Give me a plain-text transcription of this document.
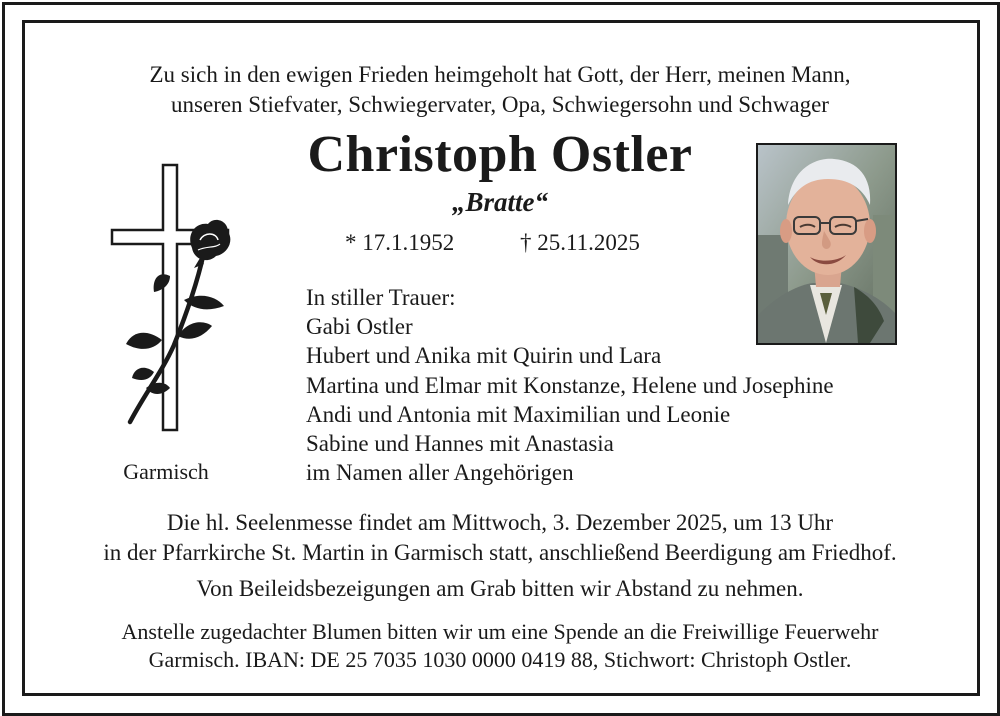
Zu sich in den ewigen Frieden heimgeholt hat Gott, der Herr, meinen Mann,
unseren Stiefvater, Schwiegervater, Opa, Schwiegersohn und Schwager
Christoph Ostler
„Bratte“
* 17.1.1952	† 25.11.2025
Garmisch
In stiller Trauer:
Gabi Ostler
Hubert und Anika mit Quirin und Lara
Martina und Elmar mit Konstanze, Helene und Josephine
Andi und Antonia mit Maximilian und Leonie
Sabine und Hannes mit Anastasia
im Namen aller Angehörigen
Die hl. Seelenmesse findet am Mittwoch, 3. Dezember 2025, um 13 Uhr
in der Pfarrkirche St. Martin in Garmisch statt, anschließend Beerdigung am Friedhof.
Von Beileidsbezeigungen am Grab bitten wir Abstand zu nehmen.
Anstelle zugedachter Blumen bitten wir um eine Spende an die Freiwillige Feuerwehr
Garmisch. IBAN: DE 25 7035 1030 0000 0419 88, Stichwort: Christoph Ostler.
